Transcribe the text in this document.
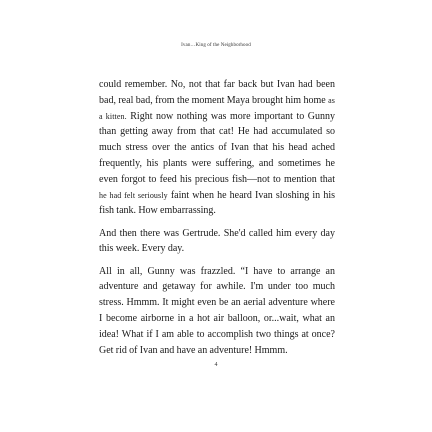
Ivan…King of the Neighborhood

could remember. No, not that far back but Ivan had been bad, real bad, from the moment Maya brought him home as a kitten. Right now nothing was more important to Gunny than getting away from that cat! He had accumulated so much stress over the antics of Ivan that his head ached frequently, his plants were suffering, and sometimes he even forgot to feed his precious fish—not to mention that he had felt seriously faint when he heard Ivan sloshing in his fish tank. How embarrassing.

And then there was Gertrude. She'd called him every day this week. Every day.

All in all, Gunny was frazzled. “I have to arrange an adventure and getaway for awhile. I'm under too much stress. Hmmm. It might even be an aerial adventure where I become airborne in a hot air balloon, or...wait, what an idea! What if I am able to accomplish two things at once? Get rid of Ivan and have an adventure! Hmmm.

4
